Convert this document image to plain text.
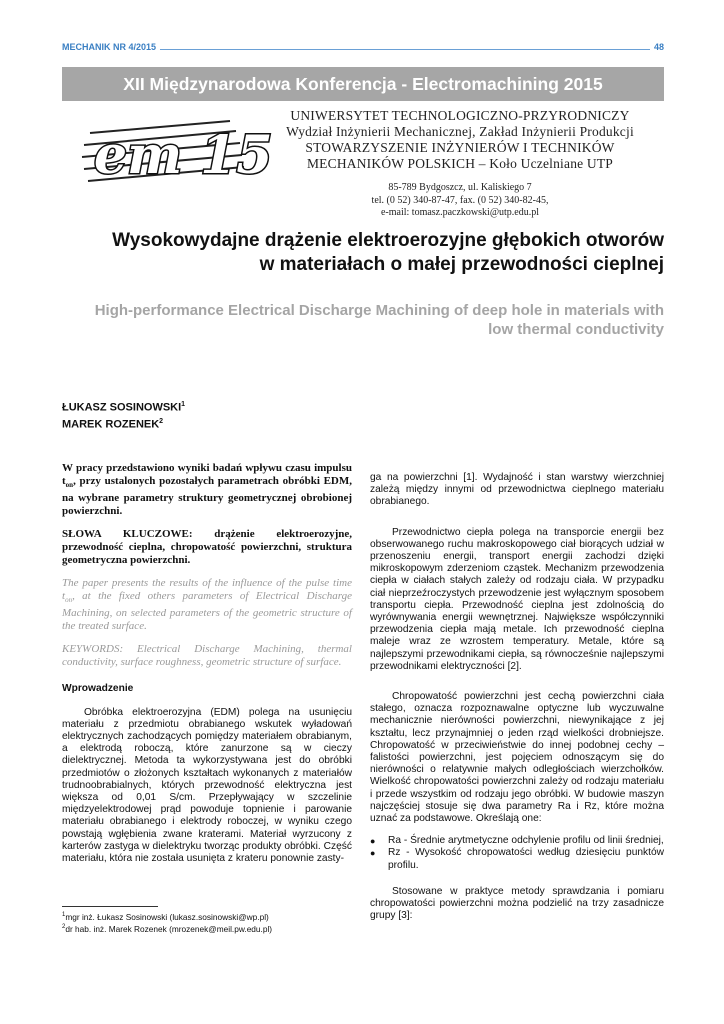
MECHANIK NR 4/2015	48
XII Międzynarodowa Konferencja - Electromachining 2015
em 15
UNIWERSYTET TECHNOLOGICZNO-PRZYRODNICZY
Wydział Inżynierii Mechanicznej, Zakład Inżynierii Produkcji
STOWARZYSZENIE INŻYNIERÓW I TECHNIKÓW
MECHANIKÓW POLSKICH – Koło Uczelniane UTP
85-789 Bydgoszcz, ul. Kaliskiego 7
tel. (0 52) 340-87-47, fax. (0 52) 340-82-45,
e-mail: tomasz.paczkowski@utp.edu.pl
Wysokowydajne drążenie elektroerozyjne głębokich otworów
w materiałach o małej przewodności cieplnej
High-performance Electrical Discharge Machining of deep hole in materials with
low thermal conductivity
ŁUKASZ SOSINOWSKI$^1$
MAREK ROZENEK$^2$

W pracy przedstawiono wyniki badań wpływu czasu impulsu $t_{on}$, przy ustalonych pozostałych parametrach obróbki EDM, na wybrane parametry struktury geometrycznej obrobionej powierzchni.

SŁOWA KLUCZOWE: drążenie elektroerozyjne, przewodność cieplna, chropowatość powierzchni, struktura geometryczna powierzchni.

The paper presents the results of the influence of the pulse time $t_{on}$, at the fixed others parameters of Electrical Discharge Machining, on selected parameters of the geometric structure of the treated surface.

KEYWORDS: Electrical Discharge Machining, thermal conductivity, surface roughness, geometric structure of surface.

Wprowadzenie

Obróbka elektroerozyjna (EDM) polega na usunięciu materiału z przedmiotu obrabianego wskutek wyładowań elektrycznych zachodzących pomiędzy materiałem obrabianym, a elektrodą roboczą, które zanurzone są w cieczy dielektrycznej. Metoda ta wykorzystywana jest do obróbki przedmiotów o złożonych kształtach wykonanych z materiałów trudnoobrabialnych, których przewodność elektryczna jest większa od 0,01 S/cm. Przepływający w szczelinie międzyelektrodowej prąd powoduje topnienie i parowanie materiału obrabianego i elektrody roboczej, w wyniku czego powstają wgłębienia zwane kraterami. Materiał wyrzucony z karterów zastyga w dielektryku tworząc produkty obróbki. Część materiału, która nie została usunięta z krateru ponownie zasty-

$^1$mgr inż. Łukasz Sosinowski (lukasz.sosinowski@wp.pl)
$^2$dr hab. inż. Marek Rozenek (mrozenek@meil.pw.edu.pl)

ga na powierzchni [1]. Wydajność i stan warstwy wierzchniej zależą między innymi od przewodnictwa cieplnego materiału obrabianego.

Przewodnictwo ciepła polega na transporcie energii bez obserwowanego ruchu makroskopowego ciał biorących udział w przenoszeniu energii, transport energii zachodzi dzięki mikroskopowym zderzeniom cząstek. Mechanizm przewodzenia ciepła w ciałach stałych zależy od rodzaju ciała. W przypadku ciał nieprzeźroczystych przewodzenie jest wyłącznym sposobem transportu ciepła. Przewodność cieplna jest zdolnością do wyrównywania energii wewnętrznej. Największe współczynniki przewodzenia ciepła mają metale. Ich przewodność cieplna maleje wraz ze wzrostem temperatury. Metale, które są najlepszymi przewodnikami ciepła, są równocześnie najlepszymi przewodnikami elektryczności [2].

Chropowatość powierzchni jest cechą powierzchni ciała stałego, oznacza rozpoznawalne optyczne lub wyczuwalne mechanicznie nierówności powierzchni, niewynikające z jej kształtu, lecz przynajmniej o jeden rząd wielkości drobniejsze. Chropowatość w przeciwieństwie do innej podobnej cechy – falistości powierzchni, jest pojęciem odnoszącym się do nierówności o relatywnie małych odległościach wierzchołków. Wielkość chropowatości powierzchni zależy od rodzaju materiału i przede wszystkim od rodzaju jego obróbki. W budowie maszyn najczęściej stosuje się dwa parametry Ra i Rz, które można uznać za podstawowe. Określają one:

●	Ra - Średnie arytmetyczne odchylenie profilu od linii średniej,
●	Rz - Wysokość chropowatości według dziesięciu punktów profilu.

Stosowane w praktyce metody sprawdzania i pomiaru chropowatości powierzchni można podzielić na trzy zasadnicze grupy [3]:
